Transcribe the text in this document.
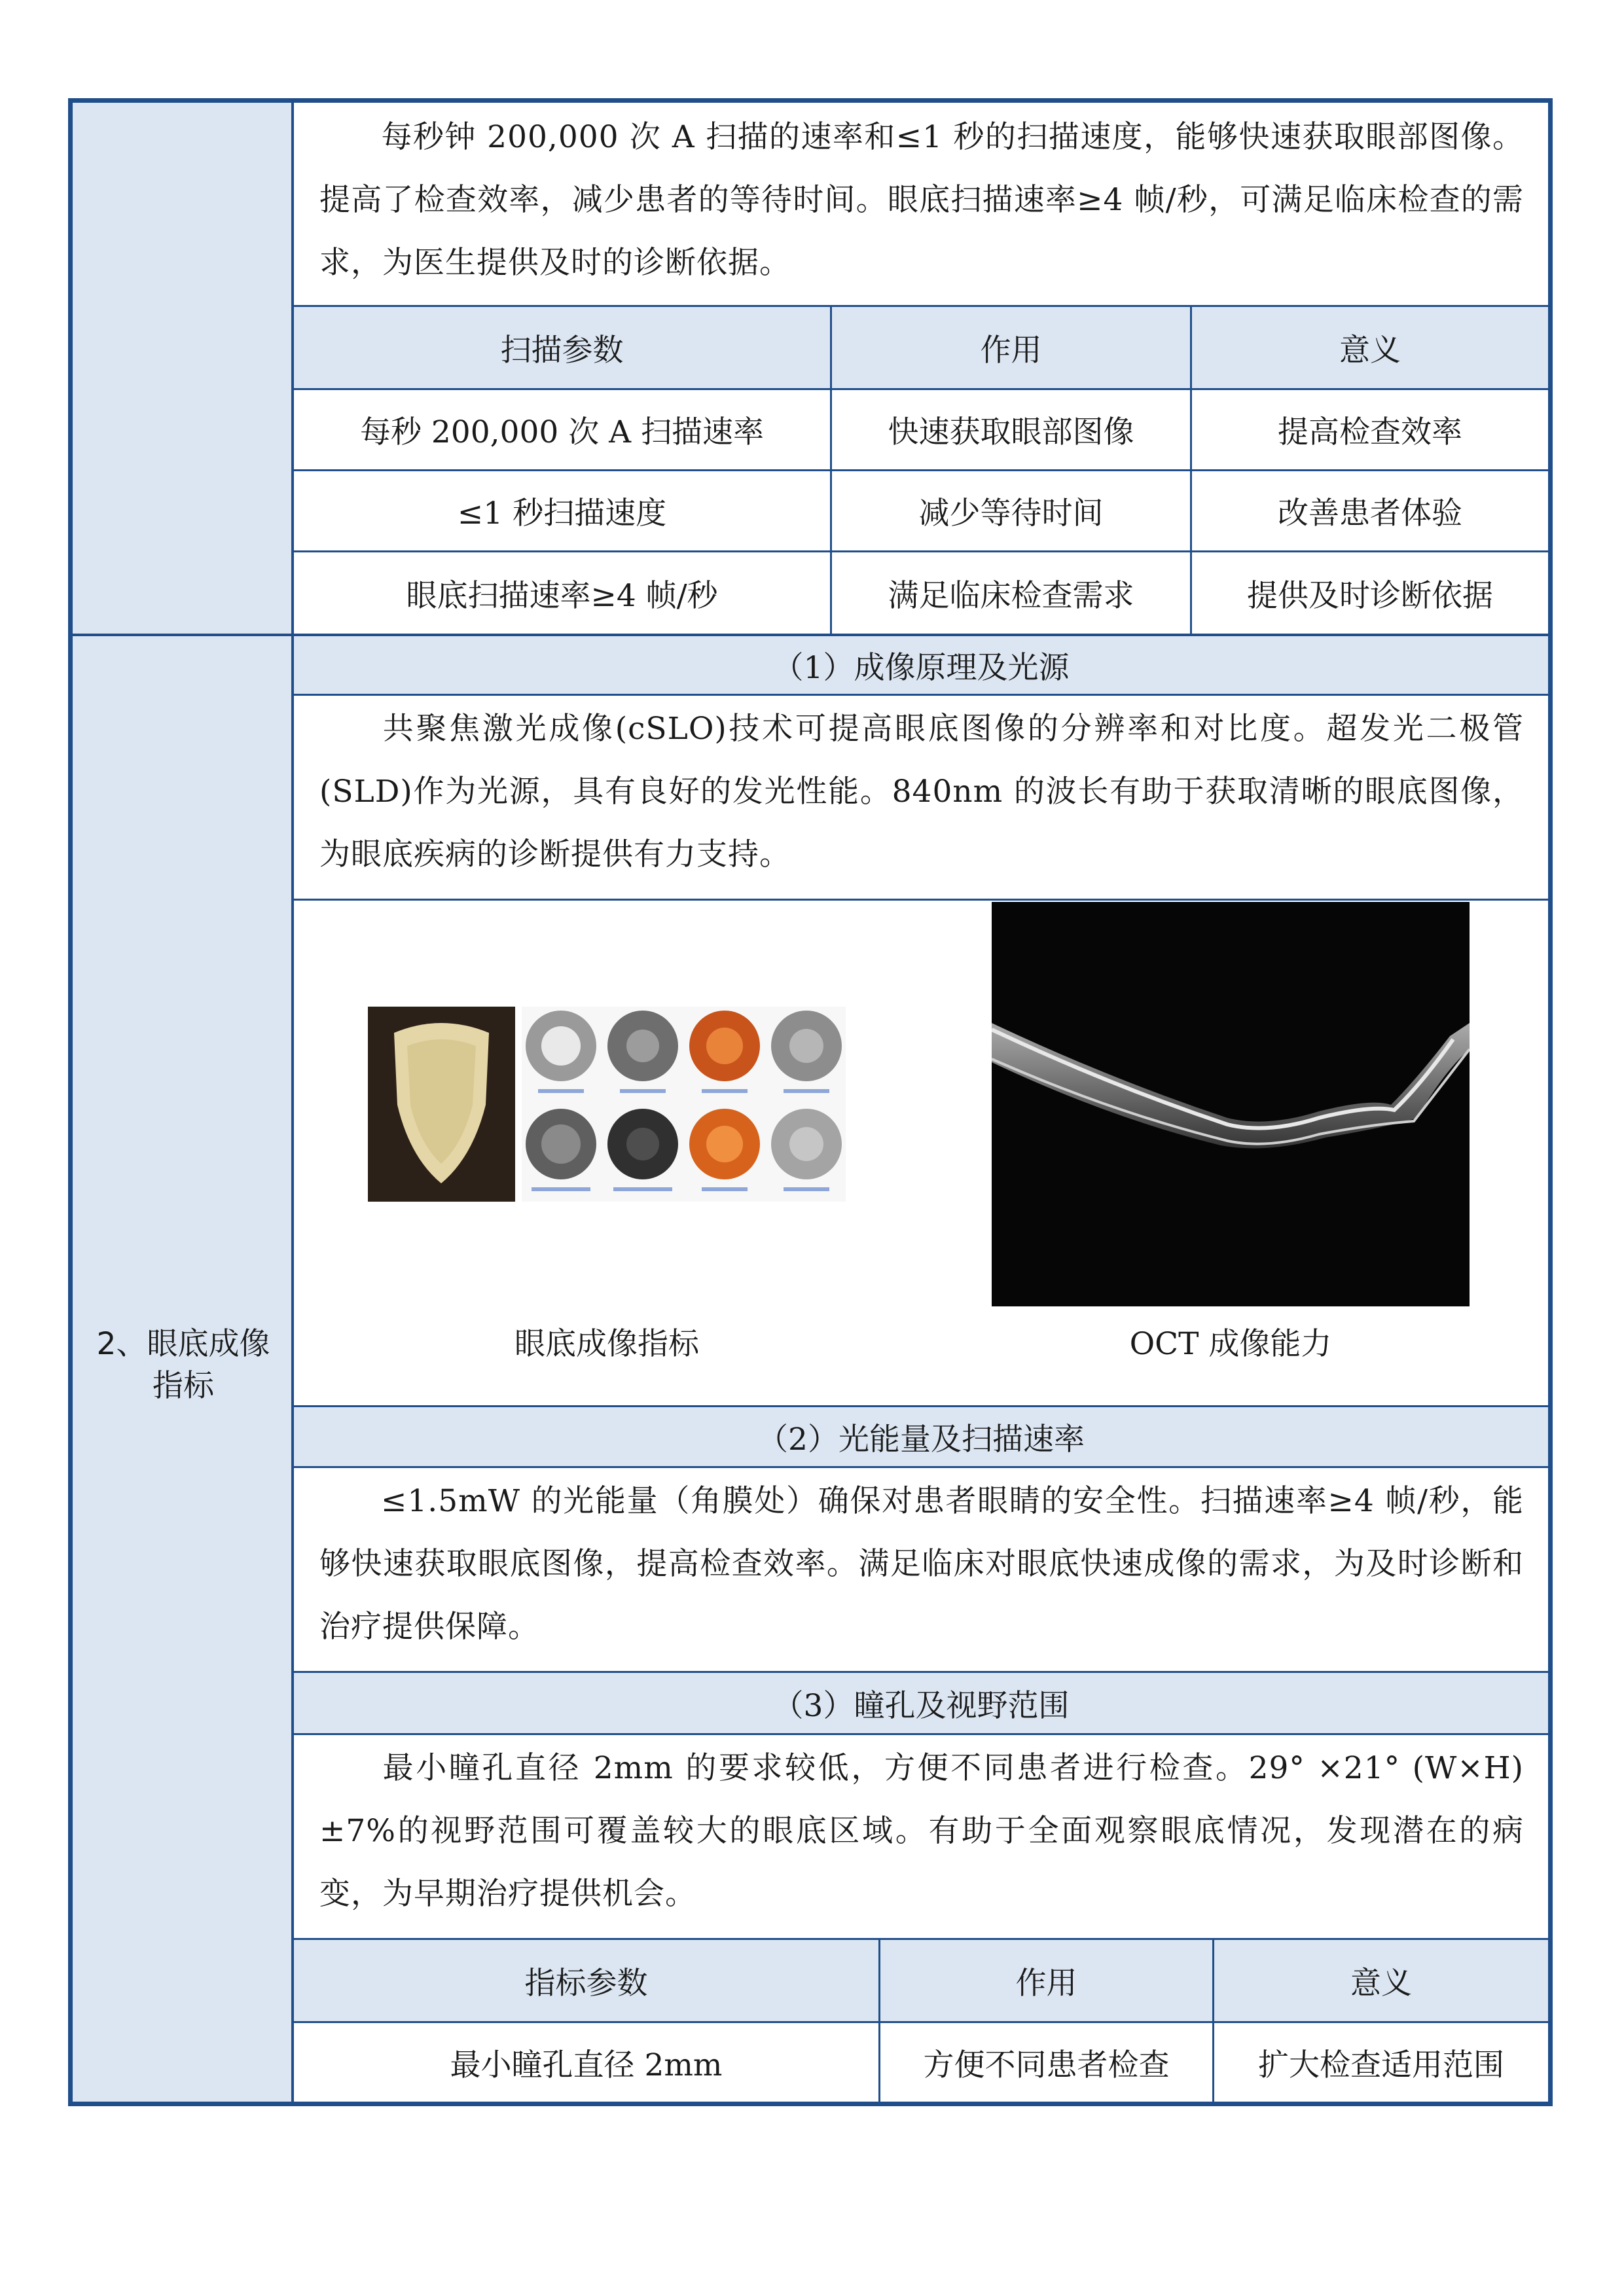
每秒钟 200,000 次 A 扫描的速率和≤1 秒的扫描速度，能够快速获取眼部图像。提高了检查效率，减少患者的等待时间。眼底扫描速率≥4 帧/秒，可满足临床检查的需求，为医生提供及时的诊断依据。
扫描参数	作用	意义
每秒 200,000 次 A 扫描速率	快速获取眼部图像	提高检查效率
≤1 秒扫描速度	减少等待时间	改善患者体验
眼底扫描速率≥4 帧/秒	满足临床检查需求	提供及时诊断依据
2、眼底成像指标
（1）成像原理及光源
共聚焦激光成像(cSLO)技术可提高眼底图像的分辨率和对比度。超发光二极管(SLD)作为光源，具有良好的发光性能。840nm 的波长有助于获取清晰的眼底图像，为眼底疾病的诊断提供有力支持。
眼底成像指标	OCT 成像能力
（2）光能量及扫描速率
≤1.5mW 的光能量（角膜处）确保对患者眼睛的安全性。扫描速率≥4 帧/秒，能够快速获取眼底图像，提高检查效率。满足临床对眼底快速成像的需求，为及时诊断和治疗提供保障。
（3）瞳孔及视野范围
最小瞳孔直径 2mm 的要求较低，方便不同患者进行检查。29° ×21° (W×H)±7%的视野范围可覆盖较大的眼底区域。有助于全面观察眼底情况，发现潜在的病变，为早期治疗提供机会。
指标参数	作用	意义
最小瞳孔直径 2mm	方便不同患者检查	扩大检查适用范围
